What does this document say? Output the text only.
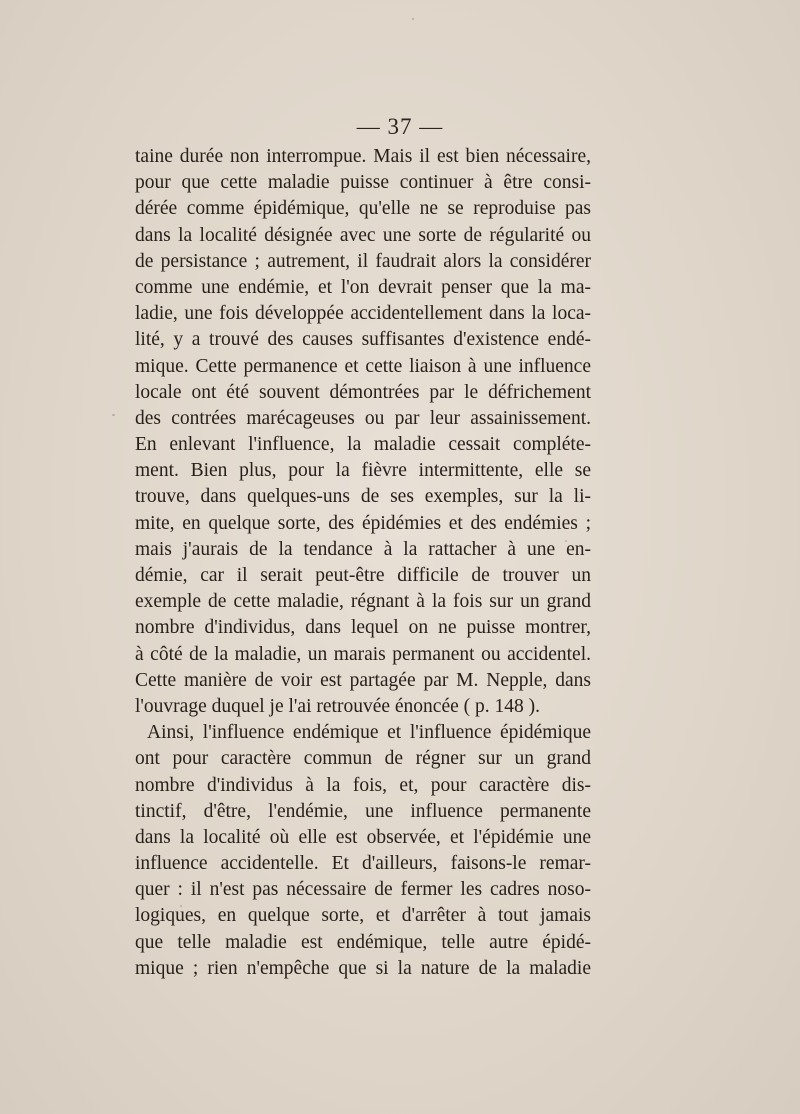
— 37 —
taine durée non interrompue. Mais il est bien nécessaire,
pour que cette maladie puisse continuer à être consi-
dérée comme épidémique, qu'elle ne se reproduise pas
dans la localité désignée avec une sorte de régularité ou
de persistance ; autrement, il faudrait alors la considérer
comme une endémie, et l'on devrait penser que la ma-
ladie, une fois développée accidentellement dans la loca-
lité, y a trouvé des causes suffisantes d'existence endé-
mique. Cette permanence et cette liaison à une influence
locale ont été souvent démontrées par le défrichement
des contrées marécageuses ou par leur assainissement.
En enlevant l'influence, la maladie cessait compléte-
ment. Bien plus, pour la fièvre intermittente, elle se
trouve, dans quelques-uns de ses exemples, sur la li-
mite, en quelque sorte, des épidémies et des endémies ;
mais j'aurais de la tendance à la rattacher à une en-
démie, car il serait peut-être difficile de trouver un
exemple de cette maladie, régnant à la fois sur un grand
nombre d'individus, dans lequel on ne puisse montrer,
à côté de la maladie, un marais permanent ou accidentel.
Cette manière de voir est partagée par M. Nepple, dans
l'ouvrage duquel je l'ai retrouvée énoncée ( p. 148 ).
Ainsi, l'influence endémique et l'influence épidémique
ont pour caractère commun de régner sur un grand
nombre d'individus à la fois, et, pour caractère dis-
tinctif, d'être, l'endémie, une influence permanente
dans la localité où elle est observée, et l'épidémie une
influence accidentelle. Et d'ailleurs, faisons-le remar-
quer : il n'est pas nécessaire de fermer les cadres noso-
logiques, en quelque sorte, et d'arrêter à tout jamais
que telle maladie est endémique, telle autre épidé-
mique ; rien n'empêche que si la nature de la maladie
